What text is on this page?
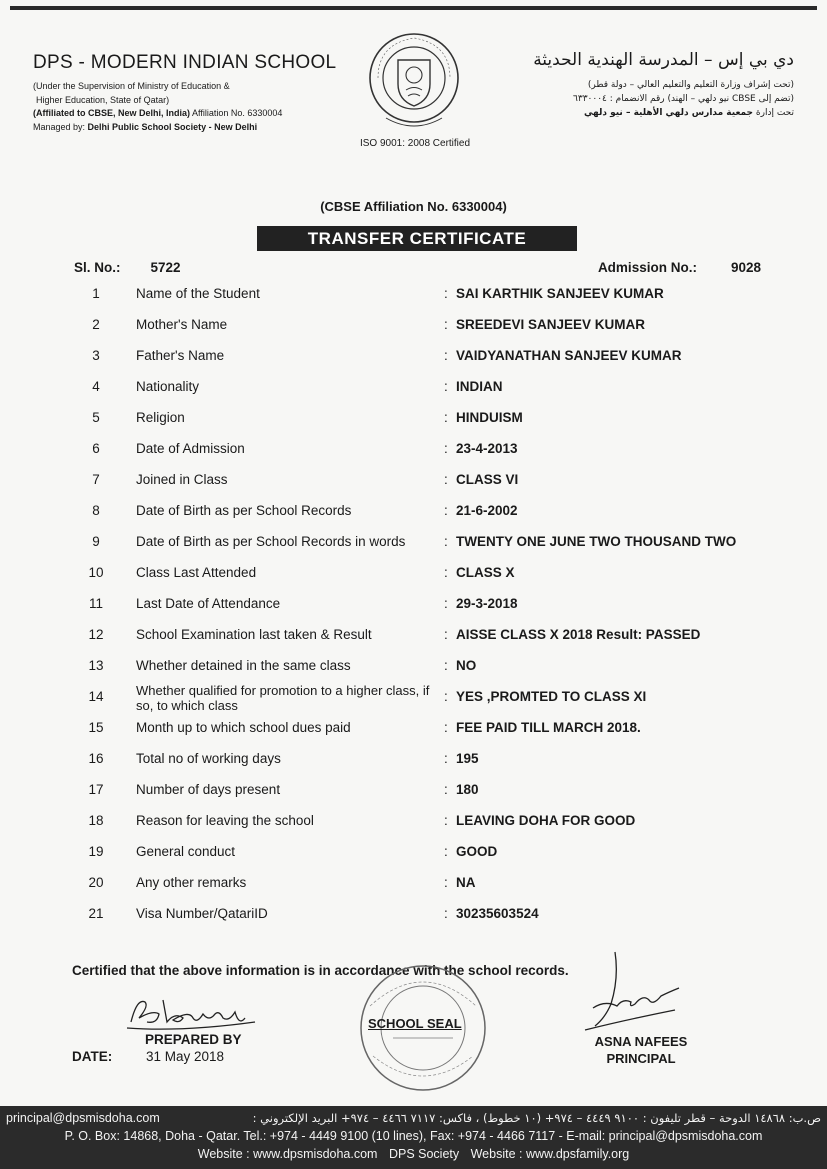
DPS - MODERN INDIAN SCHOOL
(Under the Supervision of Ministry of Education &
Higher Education, State of Qatar)
(Affiliated to CBSE, New Delhi, India) Affiliation No. 6330004
Managed by: Delhi Public School Society - New Delhi
ISO 9001: 2008 Certified
دي بي إس – المدرسة الهندية الحديثة
(تحت إشراف وزارة التعليم والتعليم العالي – دولة قطر)
(تضم إلى CBSE نيو دلهي – الهند) رقم الانضمام : ٦٣٣٠٠٠٤
تحت إدارة جمعية مدارس دلهي الأهلية – نيو دلهي
(CBSE Affiliation No. 6330004)
TRANSFER CERTIFICATE
Sl. No.: 5722	Admission No.:	9028
1	Name of the Student	: SAI KARTHIK SANJEEV KUMAR
2	Mother's Name	: SREEDEVI SANJEEV KUMAR
3	Father's Name	: VAIDYANATHAN SANJEEV KUMAR
4	Nationality	: INDIAN
5	Religion	: HINDUISM
6	Date of Admission	: 23-4-2013
7	Joined in Class	: CLASS VI
8	Date of Birth as per School Records	: 21-6-2002
9	Date of Birth as per School Records in words	: TWENTY ONE JUNE TWO THOUSAND TWO
10	Class Last Attended	: CLASS X
11	Last Date of Attendance	: 29-3-2018
12	School Examination last taken & Result	: AISSE CLASS X 2018 Result: PASSED
13	Whether detained in the same class	: NO
14	Whether qualified for promotion to a higher class, if so, to which class
: YES ,PROMTED TO CLASS XI
15	Month up to which school dues paid	: FEE PAID TILL MARCH 2018.
16	Total no of working days	: 195
17	Number of days present	: 180
18	Reason for leaving the school	: LEAVING DOHA FOR GOOD
19	General conduct	: GOOD
20	Any other remarks	: NA
21	Visa Number/QatariID	: 30235603524
Certified that the above information is in accordance with the school records.
PREPARED BY
DATE:	31 May 2018
SCHOOL SEAL
ASNA NAFEES
PRINCIPAL
principal@dpsmisdoha.com	ص.ب: ١٤٨٦٨ الدوحة – قطر تليفون : ٩١٠٠ ٤٤٤٩ – ٩٧٤+ (١٠ خطوط) ، فاكس: ٧١١٧ ٤٤٦٦ – ٩٧٤+ البريد الإلكتروني :
P. O. Box: 14868, Doha - Qatar. Tel.: +974 - 4449 9100 (10 lines), Fax: +974 - 4466 7117 - E-mail: principal@dpsmisdoha.com
Website : www.dpsmisdoha.com DPS Society Website : www.dpsfamily.org
